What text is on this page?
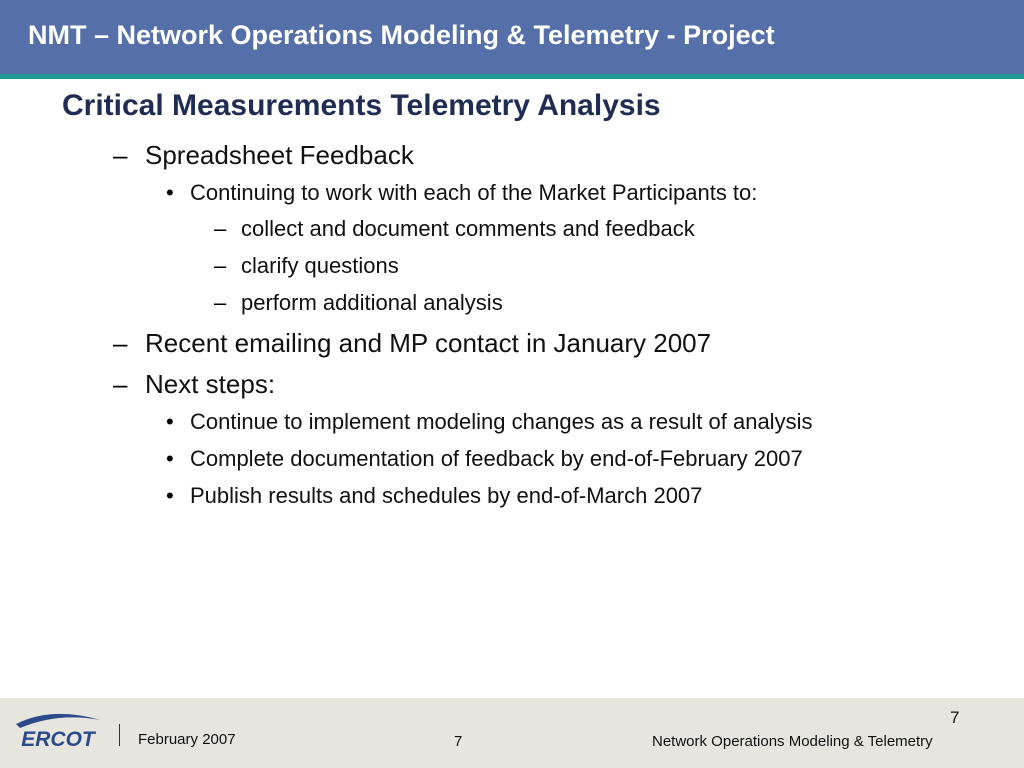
NMT – Network Operations Modeling & Telemetry - Project
Critical Measurements Telemetry Analysis
– Spreadsheet Feedback
• Continuing to work with each of the Market Participants to:
– collect and document comments and feedback
– clarify questions
– perform additional analysis
– Recent emailing and MP contact in January 2007
– Next steps:
• Continue to implement modeling changes as a result of analysis
• Complete documentation of feedback by end-of-February 2007
• Publish results and schedules by end-of-March 2007
ERCOT	February 2007	7
7
Network Operations Modeling & Telemetry
